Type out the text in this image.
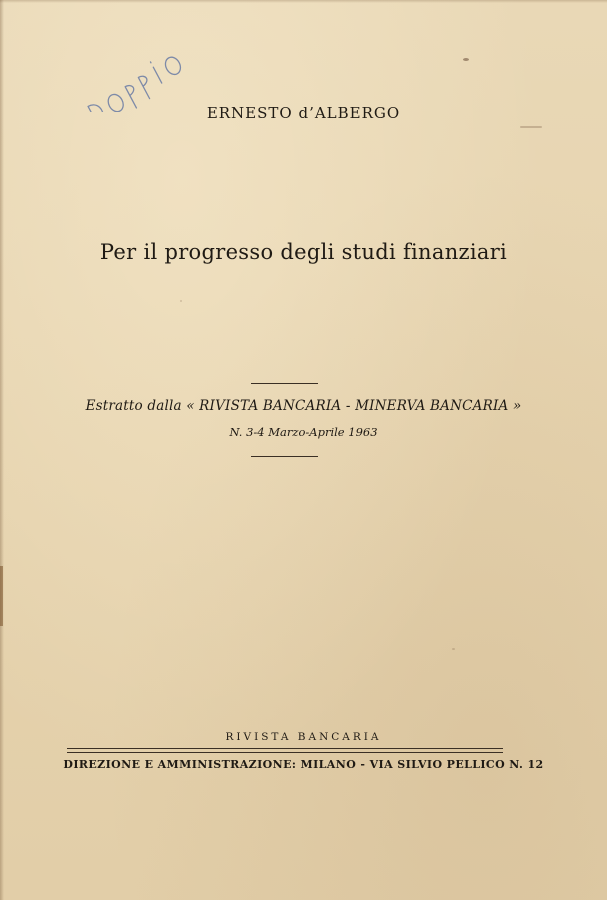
ERNESTO d’ALBERGO
Per il progresso degli studi finanziari
Estratto dalla « RIVISTA BANCARIA - MINERVA BANCARIA »
N. 3-4 Marzo-Aprile 1963
RIVISTA BANCARIA
DIREZIONE E AMMINISTRAZIONE: MILANO - VIA SILVIO PELLICO N. 12
